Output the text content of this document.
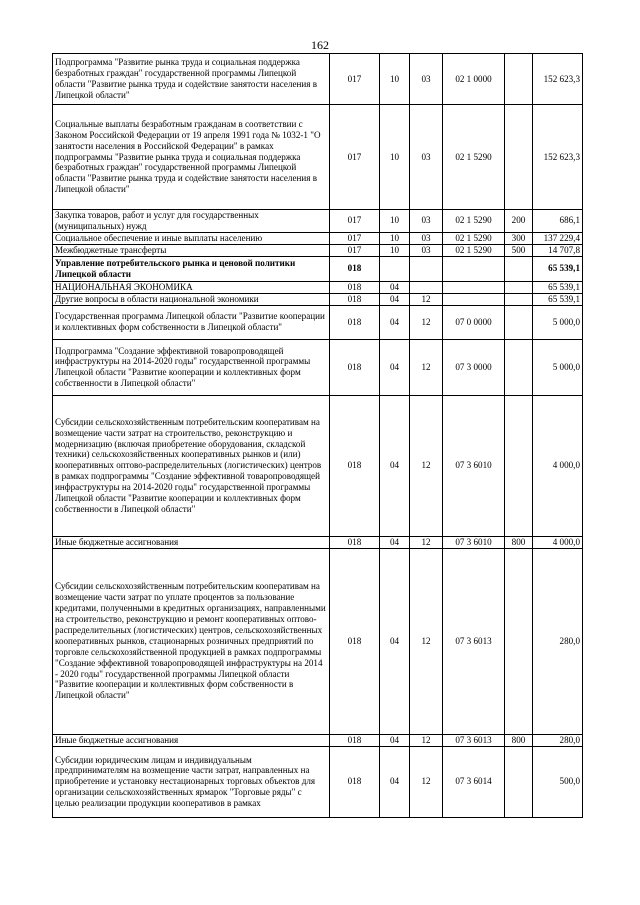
162
Подпрограмма "Развитие рынка труда и социальная поддержка безработных граждан" государственной программы Липецкой области "Развитие рынка труда и содействие занятости населения в Липецкой области"	017	10	03	02 1 0000		152 623,3
Социальные выплаты безработным гражданам в соответствии с Законом Российской Федерации от 19 апреля 1991 года № 1032-1 "О занятости населения в Российской Федерации" в рамках подпрограммы "Развитие рынка труда и социальная поддержка безработных граждан" государственной программы Липецкой области "Развитие рынка труда и содействие занятости населения в Липецкой области"	017	10	03	02 1 5290		152 623,3
Закупка товаров, работ и услуг для государственных (муниципальных) нужд	017	10	03	02 1 5290	200	686,1
Социальное обеспечение и иные выплаты населению	017	10	03	02 1 5290	300	137 229,4
Межбюджетные трансферты	017	10	03	02 1 5290	500	14 707,8
Управление потребительского рынка и ценовой политики Липецкой области	018					65 539,1
НАЦИОНАЛЬНАЯ ЭКОНОМИКА	018	04				65 539,1
Другие вопросы в области национальной экономики	018	04	12			65 539,1
Государственная программа Липецкой области "Развитие кооперации и коллективных форм собственности в Липецкой области"	018	04	12	07 0 0000		5 000,0
Подпрограмма "Создание эффективной товаропроводящей инфраструктуры на 2014-2020 годы" государственной программы Липецкой области "Развитие кооперации и коллективных форм собственности в Липецкой области"	018	04	12	07 3 0000		5 000,0
Субсидии сельскохозяйственным потребительским кооперативам на возмещение части затрат на строительство, реконструкцию и модернизацию (включая приобретение оборудования, складской техники) сельскохозяйственных кооперативных рынков и (или) кооперативных оптово-распределительных (логистических) центров в рамках подпрограммы "Создание эффективной товаропроводящей инфраструктуры на 2014-2020 годы" государственной программы Липецкой области "Развитие кооперации и коллективных форм собственности в Липецкой области"	018	04	12	07 3 6010		4 000,0
Иные бюджетные ассигнования	018	04	12	07 3 6010	800	4 000,0
Субсидии сельскохозяйственным потребительским кооперативам на возмещение части затрат по уплате процентов за пользование кредитами, полученными в кредитных организациях, направленными на строительство, реконструкцию и ремонт кооперативных оптово-распределительных (логистических) центров, сельскохозяйственных кооперативных рынков, стационарных розничных предприятий по торговле сельскохозяйственной продукцией в рамках подпрограммы "Создание эффективной товаропроводящей инфраструктуры на 2014 - 2020 годы" государственной программы Липецкой области "Развитие кооперации и коллективных форм собственности в Липецкой области"	018	04	12	07 3 6013		280,0
Иные бюджетные ассигнования	018	04	12	07 3 6013	800	280,0
Субсидии юридическим лицам и индивидуальным предпринимателям на возмещение части затрат, направленных на приобретение и установку нестационарных торговых объектов для организации сельскохозяйственных ярмарок "Торговые ряды" с целью реализации продукции кооперативов в рамках	018	04	12	07 3 6014		500,0
